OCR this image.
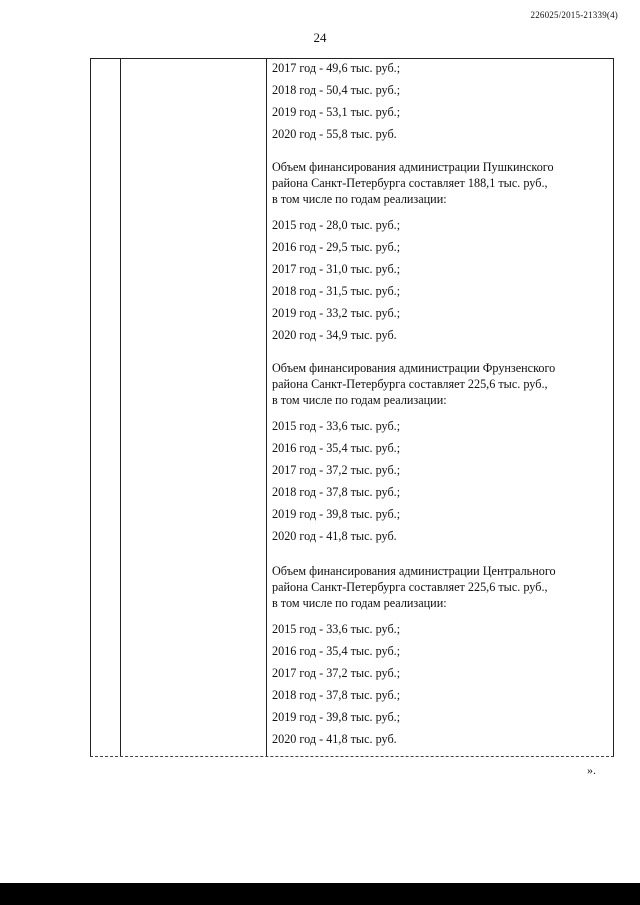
226025/2015-21339(4)
24
2017 год - 49,6 тыс. руб.;
2018 год - 50,4 тыс. руб.;
2019 год - 53,1 тыс. руб.;
2020 год - 55,8 тыс. руб.
Объем финансирования администрации Пушкинского
района Санкт-Петербурга составляет 188,1 тыс. руб.,
в том числе по годам реализации:
2015 год - 28,0 тыс. руб.;
2016 год - 29,5 тыс. руб.;
2017 год - 31,0 тыс. руб.;
2018 год - 31,5 тыс. руб.;
2019 год - 33,2 тыс. руб.;
2020 год - 34,9 тыс. руб.
Объем финансирования администрации Фрунзенского
района Санкт-Петербурга составляет 225,6 тыс. руб.,
в том числе по годам реализации:
2015 год - 33,6 тыс. руб.;
2016 год - 35,4 тыс. руб.;
2017 год - 37,2 тыс. руб.;
2018 год - 37,8 тыс. руб.;
2019 год - 39,8 тыс. руб.;
2020 год - 41,8 тыс. руб.
Объем финансирования администрации Центрального
района Санкт-Петербурга составляет 225,6 тыс. руб.,
в том числе по годам реализации:
2015 год - 33,6 тыс. руб.;
2016 год - 35,4 тыс. руб.;
2017 год - 37,2 тыс. руб.;
2018 год - 37,8 тыс. руб.;
2019 год - 39,8 тыс. руб.;
2020 год - 41,8 тыс. руб.
».
